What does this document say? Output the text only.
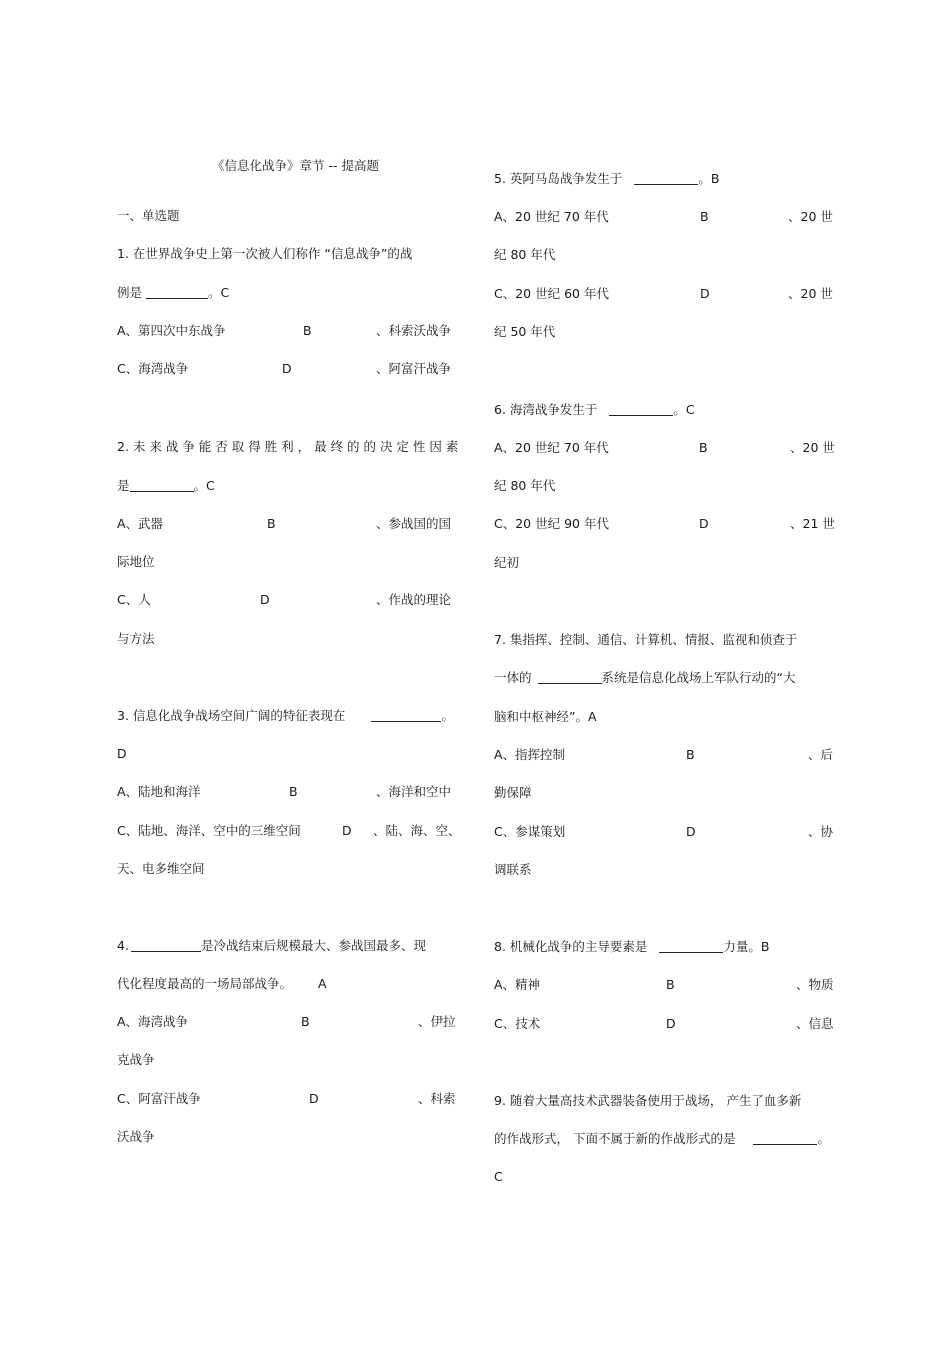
《信息化战争》章节 -- 提高题
一、单选题
1. 在世界战争史上第一次被人们称作 “信息战争”的战
例是	。C
A、第四次中东战争	B	、科索沃战争
C、海湾战争	D	、阿富汗战争
2. 未 来 战 争 能 否 取 得 胜 利 ， 最 终 的 的 决 定 性 因 素
是	。C
A、武器	B	、参战国的国
际地位
C、人	D	、作战的理论
与方法
3. 信息化战争战场空间广阔的特征表现在	。
D
A、陆地和海洋	B	、海洋和空中
C、陆地、海洋、空中的三维空间	D 、陆、海、空、
天、电多维空间
4.	是冷战结束后规模最大、参战国最多、现
代化程度最高的一场局部战争。 A
A、海湾战争	B	、伊拉
克战争
C、阿富汗战争	D	、科索
沃战争
5. 英阿马岛战争发生于	。B
A、20 世纪 70 年代	B	、20 世
纪 80 年代
C、20 世纪 60 年代	D	、20 世
纪 50 年代
6. 海湾战争发生于	。C
A、20 世纪 70 年代	B	、20 世
纪 80 年代
C、20 世纪 90 年代	D	、21 世
纪初
7. 集指挥、控制、通信、计算机、情报、监视和侦查于
一体的	系统是信息化战场上军队行动的“大
脑和中枢神经”。A
A、指挥控制	B	、后
勤保障
C、参谋策划	D	、协
调联系
8. 机械化战争的主导要素是	力量。B
A、精神	B	、物质
C、技术	D	、信息
9. 随着大量高技术武器装备使用于战场， 产生了血多新
的作战形式， 下面不属于新的作战形式的是	。
C
